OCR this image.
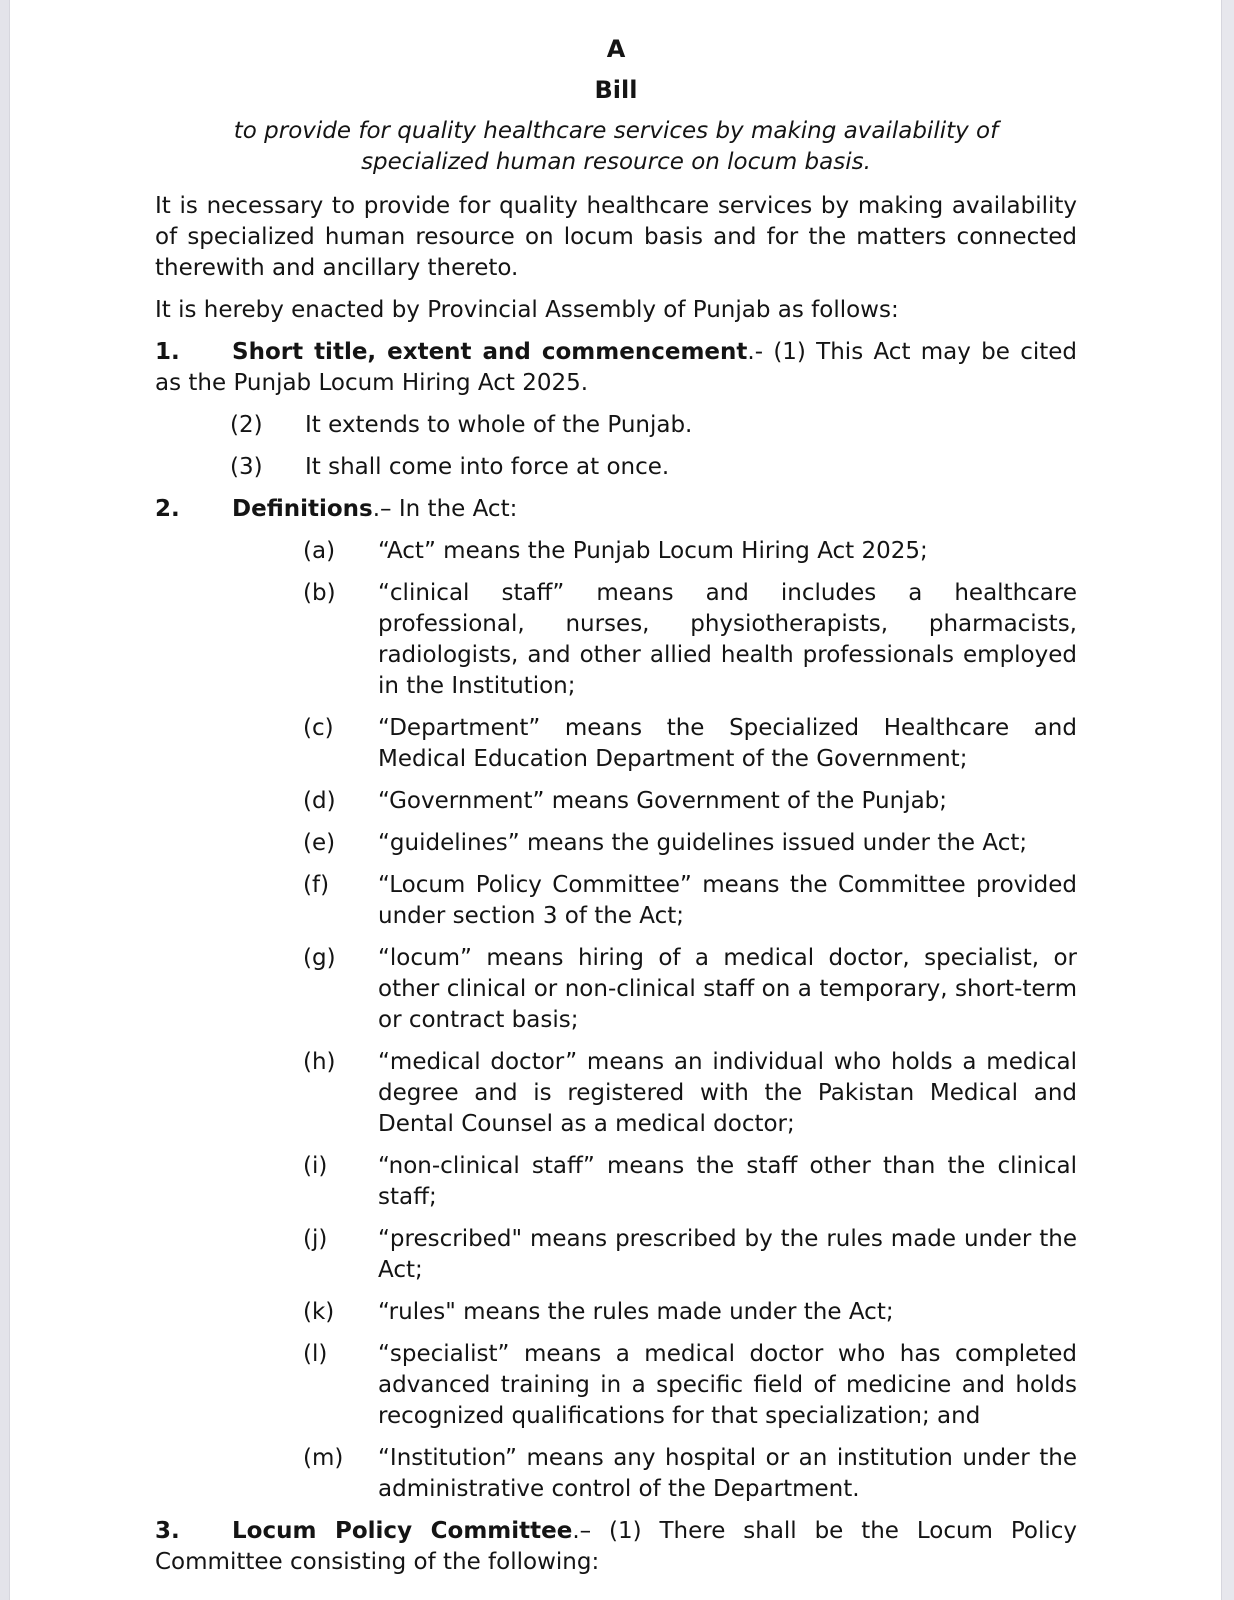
A
Bill
to provide for quality healthcare services by making availability of specialized human resource on locum basis.

It is necessary to provide for quality healthcare services by making availability of specialized human resource on locum basis and for the matters connected therewith and ancillary thereto.

It is hereby enacted by Provincial Assembly of Punjab as follows:

1. Short title, extent and commencement.- (1) This Act may be cited as the Punjab Locum Hiring Act 2025.

(2)	It extends to whole of the Punjab.
(3)	It shall come into force at once.

2. Definitions.– In the Act:

(a)	“Act” means the Punjab Locum Hiring Act 2025;
(b)	“clinical staff” means and includes a healthcare professional, nurses, physiotherapists, pharmacists, radiologists, and other allied health professionals employed in the Institution;
(c)	“Department” means the Specialized Healthcare and Medical Education Department of the Government;
(d)	“Government” means Government of the Punjab;
(e)	“guidelines” means the guidelines issued under the Act;
(f)	“Locum Policy Committee” means the Committee provided under section 3 of the Act;
(g)	“locum” means hiring of a medical doctor, specialist, or other clinical or non-clinical staff on a temporary, short-term or contract basis;
(h)	“medical doctor” means an individual who holds a medical degree and is registered with the Pakistan Medical and Dental Counsel as a medical doctor;
(i)	“non-clinical staff” means the staff other than the clinical staff;
(j)	“prescribed" means prescribed by the rules made under the Act;
(k)	“rules" means the rules made under the Act;
(l)	“specialist” means a medical doctor who has completed advanced training in a specific field of medicine and holds recognized qualifications for that specialization; and
(m)	“Institution” means any hospital or an institution under the administrative control of the Department.

3. Locum Policy Committee.– (1) There shall be the Locum Policy Committee consisting of the following:
